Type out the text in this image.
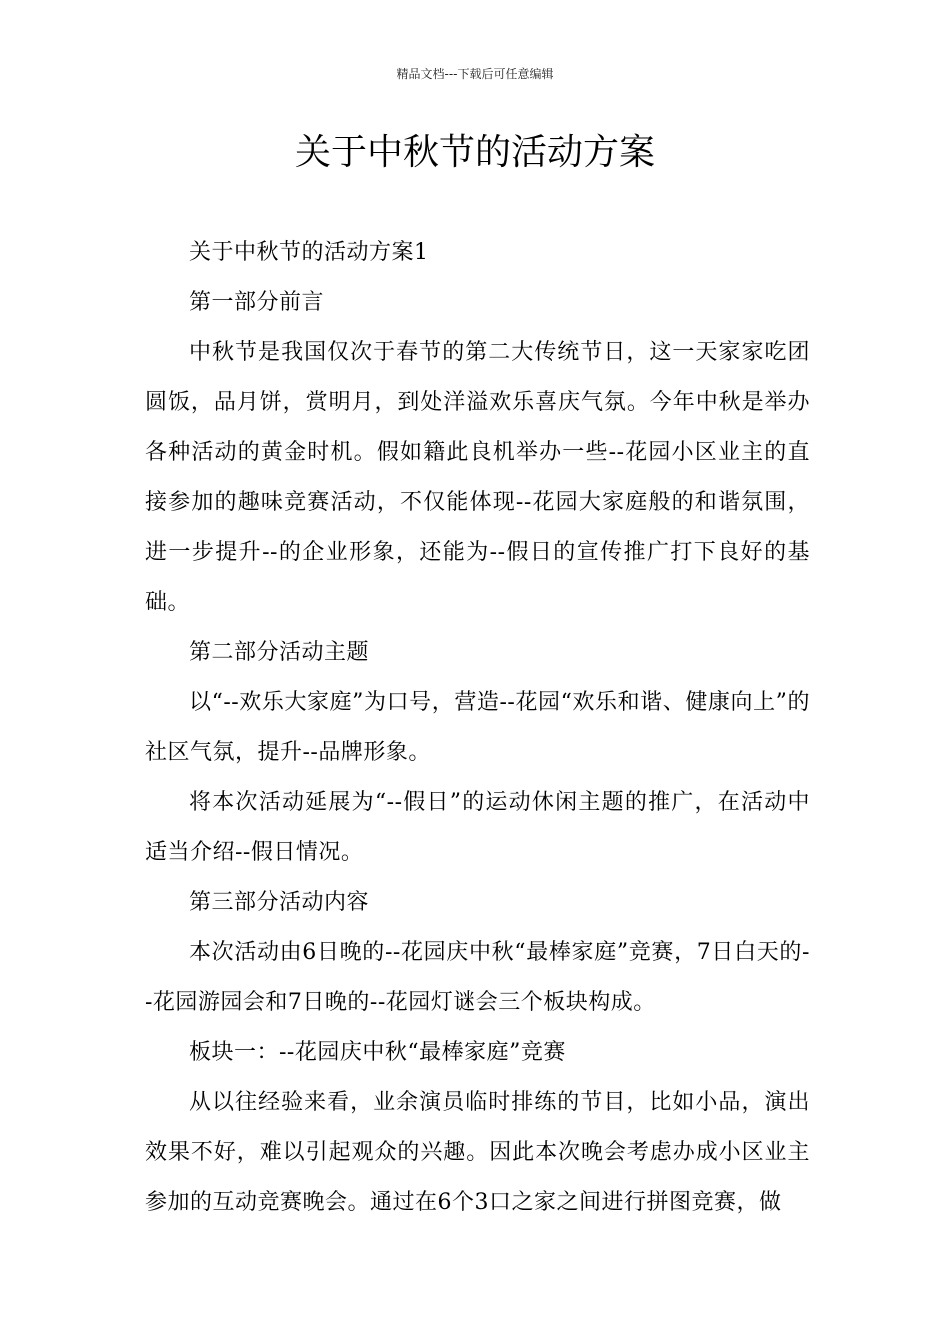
精品文档---下载后可任意编辑
关于中秋节的活动方案

关于中秋节的活动方案1

第一部分前言

中秋节是我国仅次于春节的第二大传统节日，这一天家家吃团圆饭，品月饼，赏明月，到处洋溢欢乐喜庆气氛。今年中秋是举办各种活动的黄金时机。假如籍此良机举办一些--花园小区业主的直接参加的趣味竞赛活动，不仅能体现--花园大家庭般的和谐氛围，进一步提升--的企业形象，还能为--假日的宣传推广打下良好的基础。

第二部分活动主题

以“--欢乐大家庭”为口号，营造--花园“欢乐和谐、健康向上”的社区气氛，提升--品牌形象。

将本次活动延展为“--假日”的运动休闲主题的推广，在活动中适当介绍--假日情况。

第三部分活动内容

本次活动由6日晚的--花园庆中秋“最棒家庭”竞赛，7日白天的--花园游园会和7日晚的--花园灯谜会三个板块构成。

板块一：--花园庆中秋“最棒家庭”竞赛

从以往经验来看，业余演员临时排练的节目，比如小品，演出效果不好，难以引起观众的兴趣。因此本次晚会考虑办成小区业主参加的互动竞赛晚会。通过在6个3口之家之间进行拼图竞赛，做
